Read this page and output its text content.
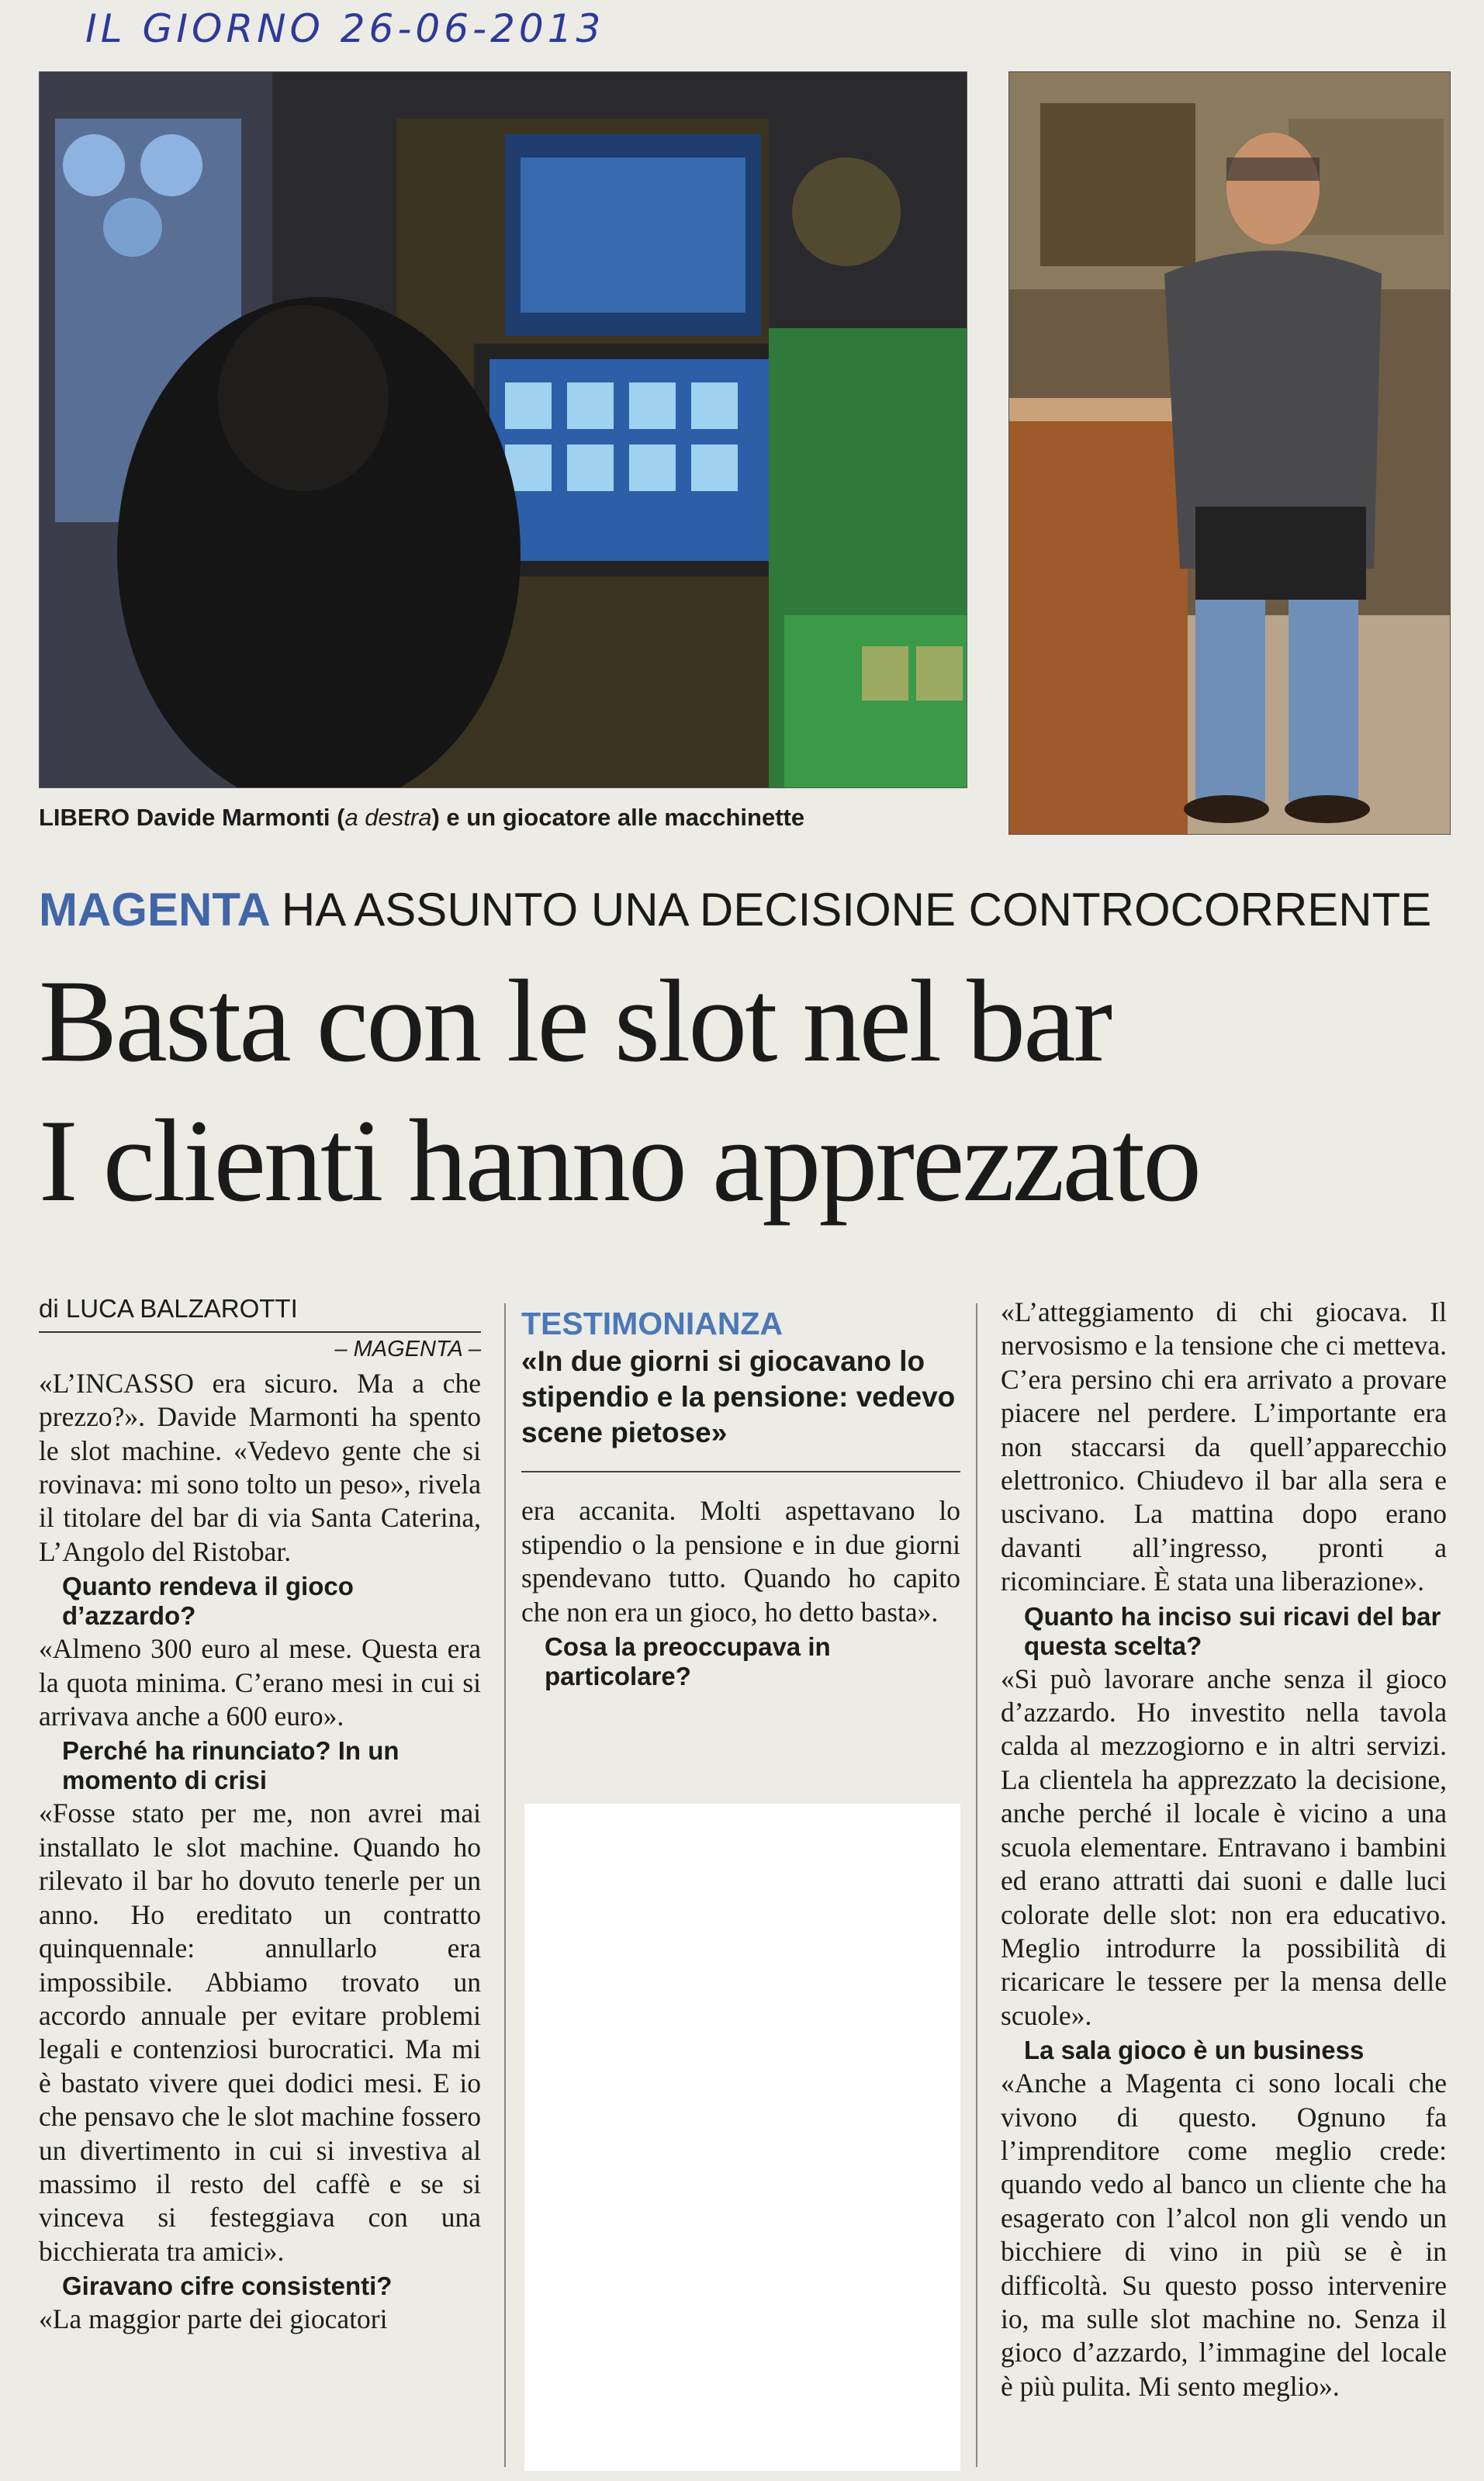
IL GIORNO 26-06-2013
LIBERO Davide Marmonti (a destra) e un giocatore alle macchinette
MAGENTA HA ASSUNTO UNA DECISIONE CONTROCORRENTE
Basta con le slot nel bar
I clienti hanno apprezzato
di LUCA BALZAROTTI
– MAGENTA –

«L’INCASSO era sicuro. Ma a che prezzo?». Davide Marmonti ha spento le slot machine. «Vedevo gente che si rovinava: mi sono tolto un peso», rivela il titolare del bar di via Santa Caterina, L’Angolo del Ristobar.

Quanto rendeva il gioco d’azzardo?

«Almeno 300 euro al mese. Questa era la quota minima. C’erano mesi in cui si arrivava anche a 600 euro».

Perché ha rinunciato? In un momento di crisi

«Fosse stato per me, non avrei mai installato le slot machine. Quando ho rilevato il bar ho dovuto tenerle per un anno. Ho ereditato un contratto quinquennale: annullarlo era impossibile. Abbiamo trovato un accordo annuale per evitare problemi legali e contenziosi burocratici. Ma mi è bastato vivere quei dodici mesi. E io che pensavo che le slot machine fossero un divertimento in cui si investiva al massimo il resto del caffè e se si vinceva si festeggiava con una bicchierata tra amici».

Giravano cifre consistenti?

«La maggior parte dei giocatori

TESTIMONIANZA
«In due giorni si giocavano lo stipendio e la pensione: vedevo scene pietose»

era accanita. Molti aspettavano lo stipendio o la pensione e in due giorni spendevano tutto. Quando ho capito che non era un gioco, ho detto basta».

Cosa la preoccupava in particolare?

«L’atteggiamento di chi giocava. Il nervosismo e la tensione che ci metteva. C’era persino chi era arrivato a provare piacere nel perdere. L’importante era non staccarsi da quell’apparecchio elettronico. Chiudevo il bar alla sera e uscivano. La mattina dopo erano davanti all’ingresso, pronti a ricominciare. È stata una liberazione».

Quanto ha inciso sui ricavi del bar questa scelta?

«Si può lavorare anche senza il gioco d’azzardo. Ho investito nella tavola calda al mezzogiorno e in altri servizi. La clientela ha apprezzato la decisione, anche perché il locale è vicino a una scuola elementare. Entravano i bambini ed erano attratti dai suoni e dalle luci colorate delle slot: non era educativo. Meglio introdurre la possibilità di ricaricare le tessere per la mensa delle scuole».

La sala gioco è un business

«Anche a Magenta ci sono locali che vivono di questo. Ognuno fa l’imprenditore come meglio crede: quando vedo al banco un cliente che ha esagerato con l’alcol non gli vendo un bicchiere di vino in più se è in difficoltà. Su questo posso intervenire io, ma sulle slot machine no. Senza il gioco d’azzardo, l’immagine del locale è più pulita. Mi sento meglio».
